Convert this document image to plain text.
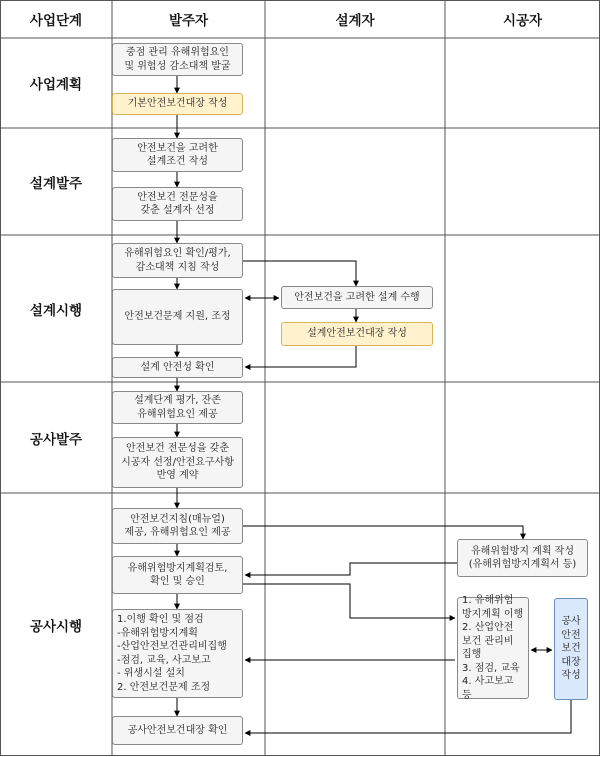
사업단계	발주자	설계자	시공자
사업계획
설계발주
설계시행
공사발주
공사시행
중점 관리 유해위험요인
및 위험성 감소대책 발굴
기본안전보건대장 작성
안전보건을 고려한
설계조건 작성
안전보건 전문성을
갖춘 설계자 선정
유해위험요인 확인/평가,
감소대책 지침 작성
안전보건문제 지원, 조정
설계 안전성 확인
설계단계 평가, 잔존
유해위험요인 제공
안전보건 전문성을 갖춘
시공자 선정/안전요구사항
반영 계약
안전보건지침(매뉴얼)
제공, 유해위험요인 제공
유해위험방지계획검토,
확인 및 승인
1.이행 확인 및 점검
-유해위험방지계획
-산업안전보건관리비집행
-점검, 교육, 사고보고
- 위생시설 설치
2. 안전보건문제 조정
공사안전보건대장 확인
안전보건을 고려한 설계 수행
설계안전보건대장 작성
유해위험방지 계획 작성
(유해위험방지계획서 등)
1. 유해위험
방지계획 이행
2. 산업안전
보건 관리비
집행
3. 점검, 교육
4. 사고보고 등
공사
안전
보건
대장
작성
